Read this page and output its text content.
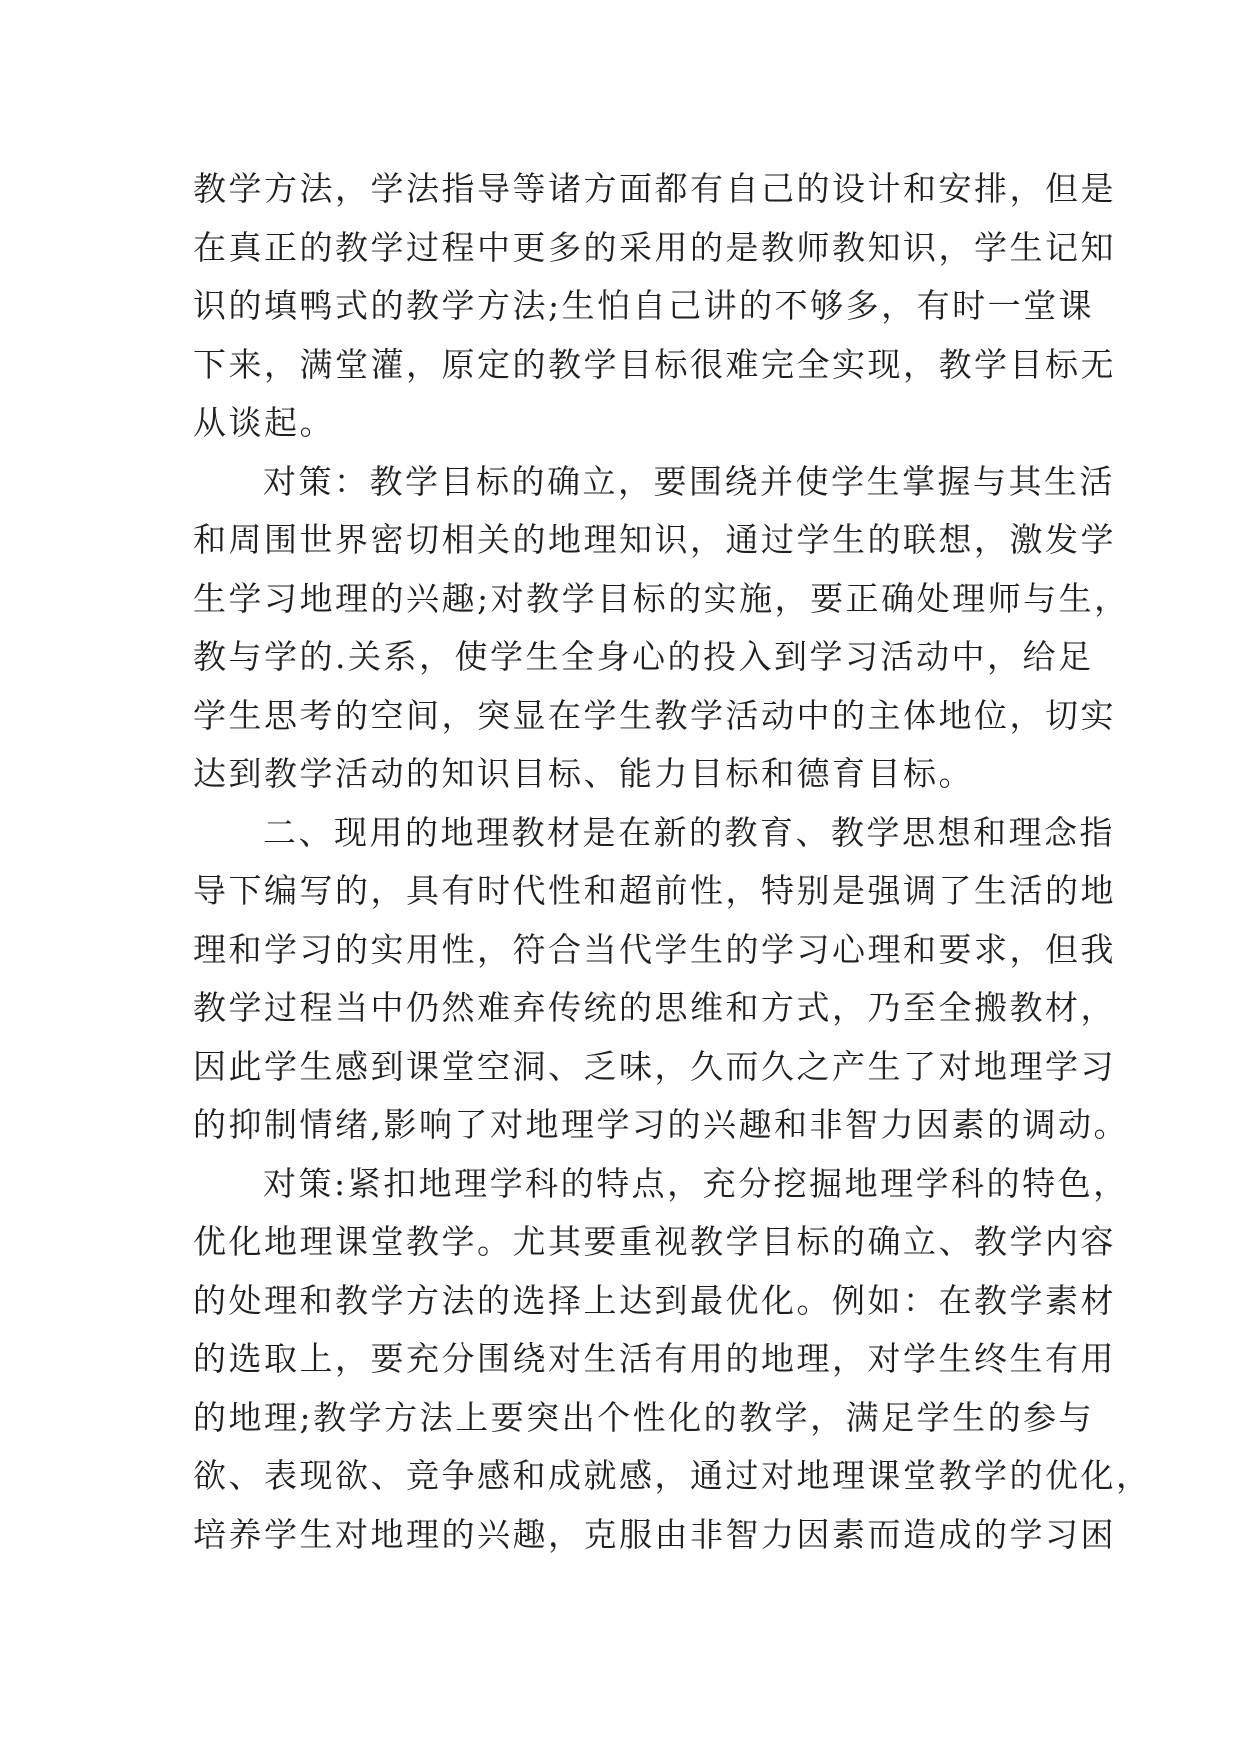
教学方法，学法指导等诸方面都有自己的设计和安排，但是
在真正的教学过程中更多的采用的是教师教知识，学生记知
识的填鸭式的教学方法;生怕自己讲的不够多，有时一堂课
下来，满堂灌，原定的教学目标很难完全实现，教学目标无
从谈起。
对策：教学目标的确立，要围绕并使学生掌握与其生活
和周围世界密切相关的地理知识，通过学生的联想，激发学
生学习地理的兴趣;对教学目标的实施，要正确处理师与生，
教与学的.关系，使学生全身心的投入到学习活动中，给足
学生思考的空间，突显在学生教学活动中的主体地位，切实
达到教学活动的知识目标、能力目标和德育目标。
二、现用的地理教材是在新的教育、教学思想和理念指
导下编写的，具有时代性和超前性，特别是强调了生活的地
理和学习的实用性，符合当代学生的学习心理和要求，但我
教学过程当中仍然难弃传统的思维和方式，乃至全搬教材，
因此学生感到课堂空洞、乏味，久而久之产生了对地理学习
的抑制情绪,影响了对地理学习的兴趣和非智力因素的调动。
对策:紧扣地理学科的特点，充分挖掘地理学科的特色，
优化地理课堂教学。尤其要重视教学目标的确立、教学内容
的处理和教学方法的选择上达到最优化。例如：在教学素材
的选取上，要充分围绕对生活有用的地理，对学生终生有用
的地理;教学方法上要突出个性化的教学，满足学生的参与
欲、表现欲、竞争感和成就感，通过对地理课堂教学的优化，
培养学生对地理的兴趣，克服由非智力因素而造成的学习困
